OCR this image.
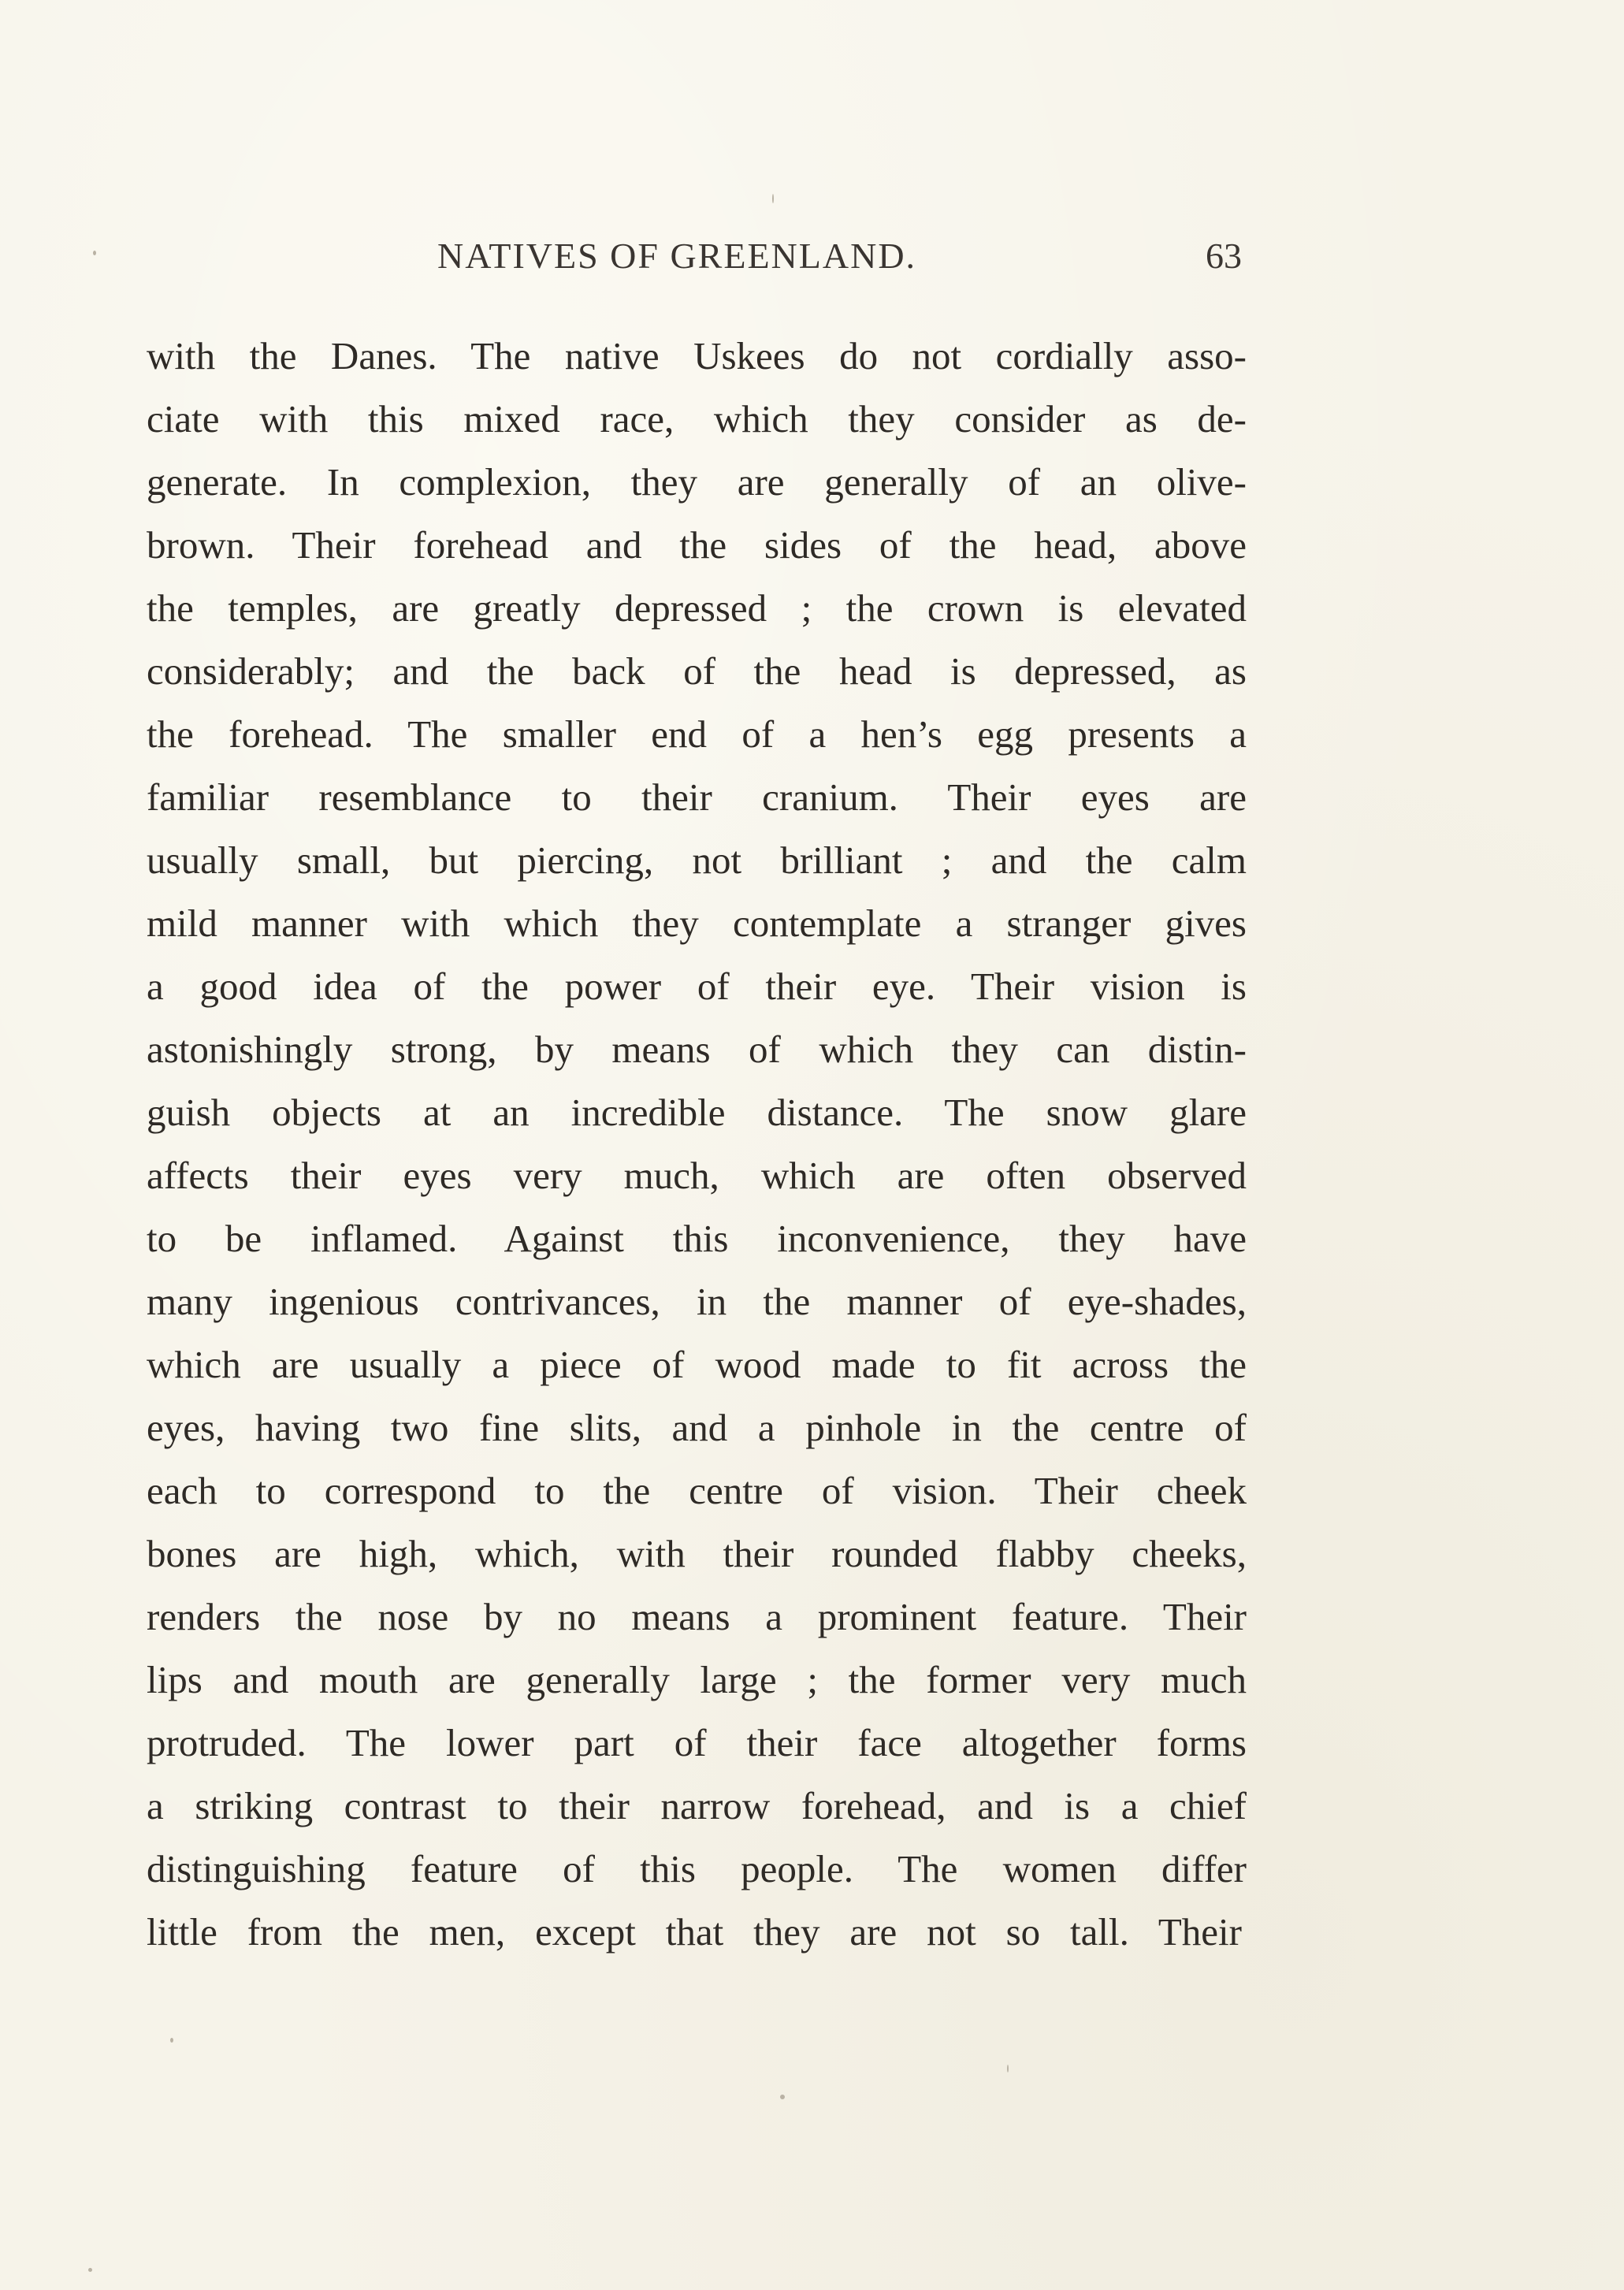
NATIVES OF GREENLAND.	63
with the Danes. The native Uskees do not cordially asso-
ciate with this mixed race, which they consider as de-
generate. In complexion, they are generally of an olive-
brown. Their forehead and the sides of the head, above
the temples, are greatly depressed ; the crown is elevated
considerably; and the back of the head is depressed, as
the forehead. The smaller end of a hen’s egg presents a
familiar resemblance to their cranium. Their eyes are
usually small, but piercing, not brilliant ; and the calm
mild manner with which they contemplate a stranger gives
a good idea of the power of their eye. Their vision is
astonishingly strong, by means of which they can distin-
guish objects at an incredible distance. The snow glare
affects their eyes very much, which are often observed
to be inflamed. Against this inconvenience, they have
many ingenious contrivances, in the manner of eye-shades,
which are usually a piece of wood made to fit across the
eyes, having two fine slits, and a pinhole in the centre of
each to correspond to the centre of vision. Their cheek
bones are high, which, with their rounded flabby cheeks,
renders the nose by no means a prominent feature. Their
lips and mouth are generally large ; the former very much
protruded. The lower part of their face altogether forms
a striking contrast to their narrow forehead, and is a chief
distinguishing feature of this people. The women differ
little from the men, except that they are not so tall. Their
